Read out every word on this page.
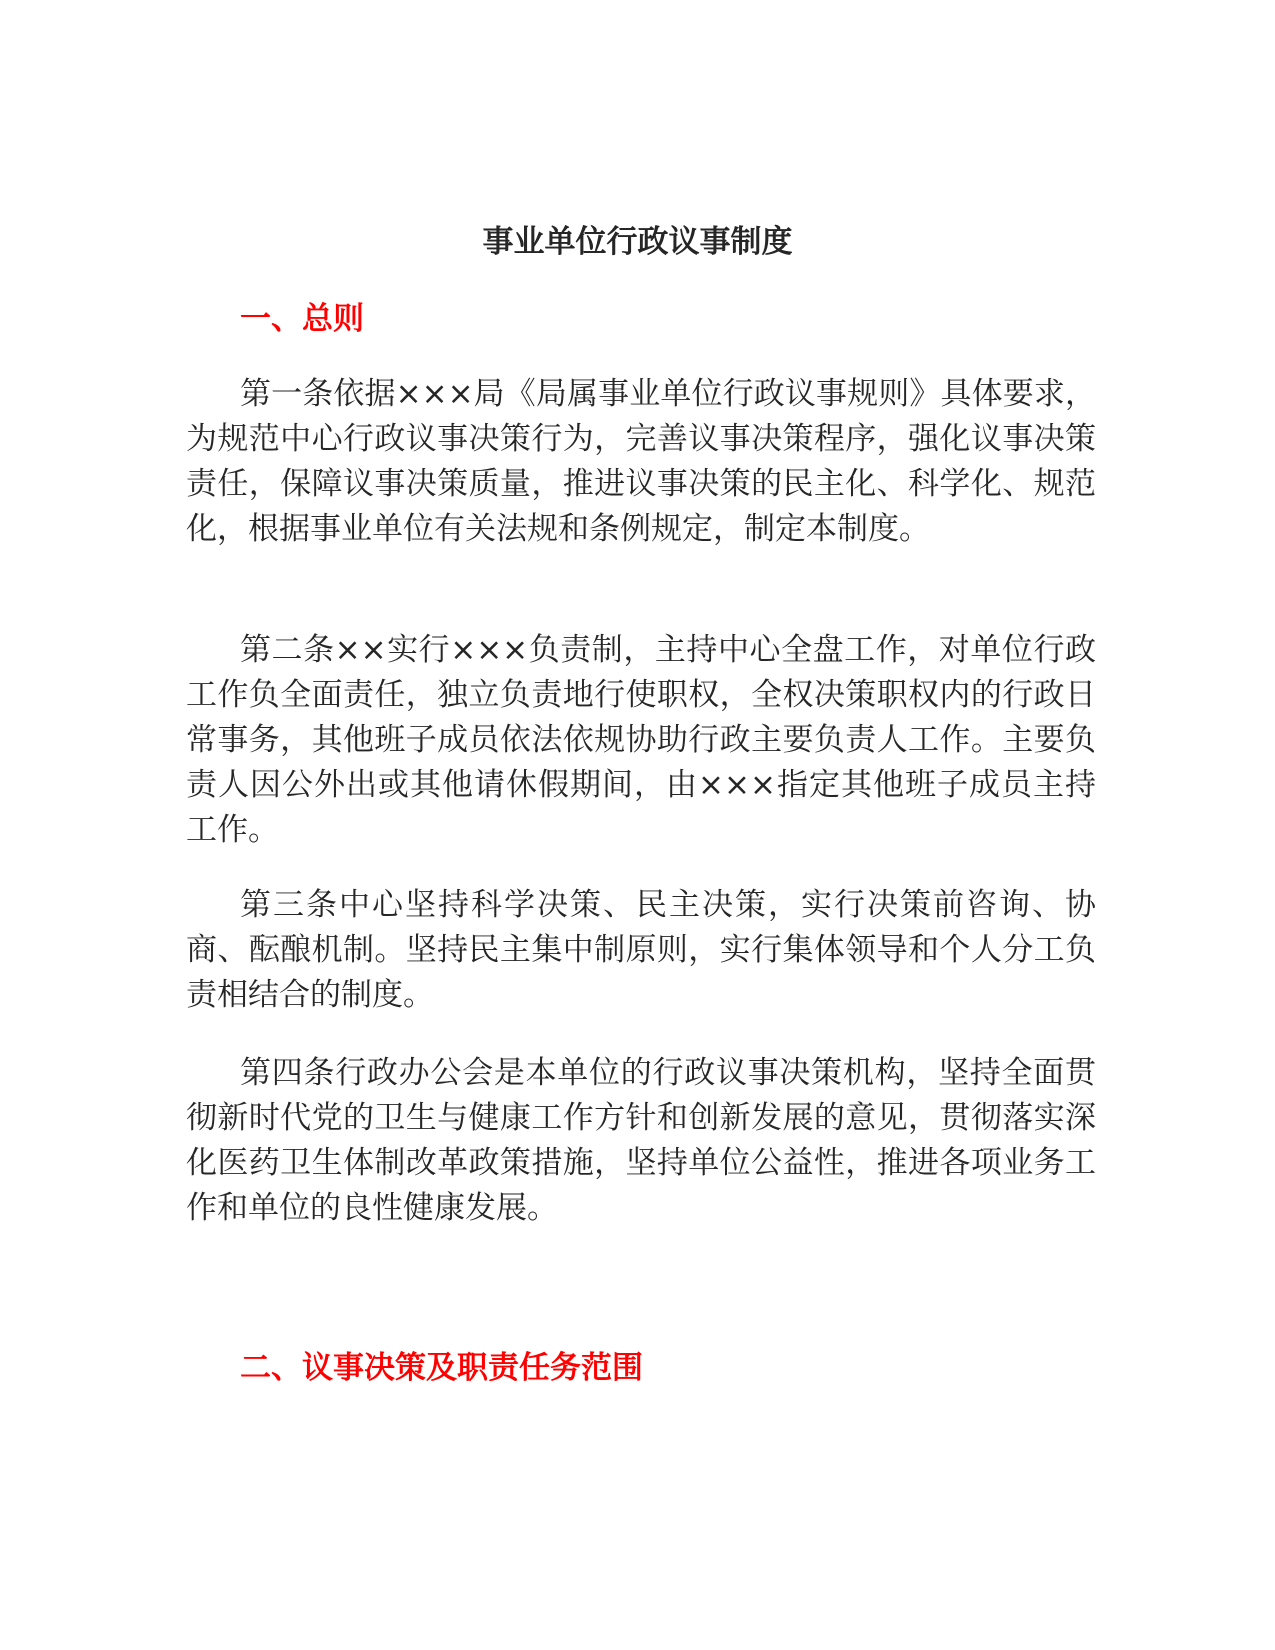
事业单位行政议事制度
一、总则

第一条依据×××局《局属事业单位行政议事规则》具体要求，为规范中心行政议事决策行为，完善议事决策程序，强化议事决策责任，保障议事决策质量，推进议事决策的民主化、科学化、规范化，根据事业单位有关法规和条例规定，制定本制度。

第二条××实行×××负责制，主持中心全盘工作，对单位行政工作负全面责任，独立负责地行使职权，全权决策职权内的行政日常事务，其他班子成员依法依规协助行政主要负责人工作。主要负责人因公外出或其他请休假期间，由×××指定其他班子成员主持工作。

第三条中心坚持科学决策、民主决策，实行决策前咨询、协商、酝酿机制。坚持民主集中制原则，实行集体领导和个人分工负责相结合的制度。

第四条行政办公会是本单位的行政议事决策机构，坚持全面贯彻新时代党的卫生与健康工作方针和创新发展的意见，贯彻落实深化医药卫生体制改革政策措施，坚持单位公益性，推进各项业务工作和单位的良性健康发展。

二、议事决策及职责任务范围
